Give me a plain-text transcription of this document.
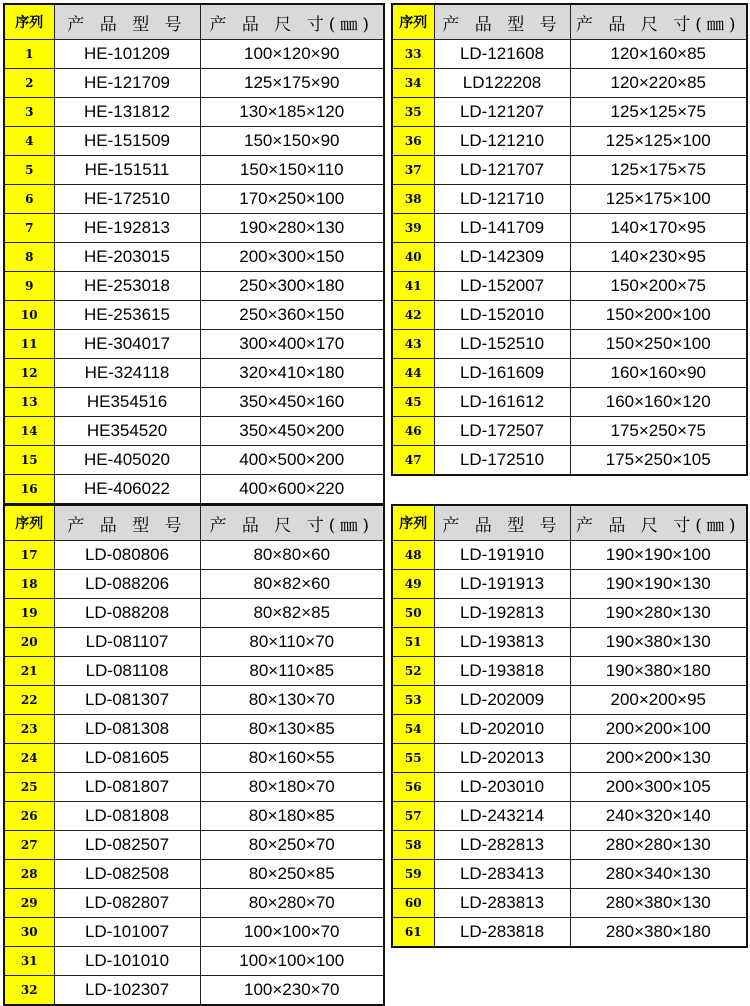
序列	产 品 型 号	产 品 尺 寸(㎜)
1	HE-101209	100×120×90
2	HE-121709	125×175×90
3	HE-131812	130×185×120
4	HE-151509	150×150×90
5	HE-151511	150×150×110
6	HE-172510	170×250×100
7	HE-192813	190×280×130
8	HE-203015	200×300×150
9	HE-253018	250×300×180
10	HE-253615	250×360×150
11	HE-304017	300×400×170
12	HE-324118	320×410×180
13	HE354516	350×450×160
14	HE354520	350×450×200
15	HE-405020	400×500×200
16	HE-406022	400×600×220
序列	产 品 型 号	产 品 尺 寸(㎜)
33	LD-121608	120×160×85
34	LD122208	120×220×85
35	LD-121207	125×125×75
36	LD-121210	125×125×100
37	LD-121707	125×175×75
38	LD-121710	125×175×100
39	LD-141709	140×170×95
40	LD-142309	140×230×95
41	LD-152007	150×200×75
42	LD-152010	150×200×100
43	LD-152510	150×250×100
44	LD-161609	160×160×90
45	LD-161612	160×160×120
46	LD-172507	175×250×75
47	LD-172510	175×250×105
序列	产 品 型 号	产 品 尺 寸(㎜)
17	LD-080806	80×80×60
18	LD-088206	80×82×60
19	LD-088208	80×82×85
20	LD-081107	80×110×70
21	LD-081108	80×110×85
22	LD-081307	80×130×70
23	LD-081308	80×130×85
24	LD-081605	80×160×55
25	LD-081807	80×180×70
26	LD-081808	80×180×85
27	LD-082507	80×250×70
28	LD-082508	80×250×85
29	LD-082807	80×280×70
30	LD-101007	100×100×70
31	LD-101010	100×100×100
32	LD-102307	100×230×70
序列	产 品 型 号	产 品 尺 寸(㎜)
48	LD-191910	190×190×100
49	LD-191913	190×190×130
50	LD-192813	190×280×130
51	LD-193813	190×380×130
52	LD-193818	190×380×180
53	LD-202009	200×200×95
54	LD-202010	200×200×100
55	LD-202013	200×200×130
56	LD-203010	200×300×105
57	LD-243214	240×320×140
58	LD-282813	280×280×130
59	LD-283413	280×340×130
60	LD-283813	280×380×130
61	LD-283818	280×380×180
